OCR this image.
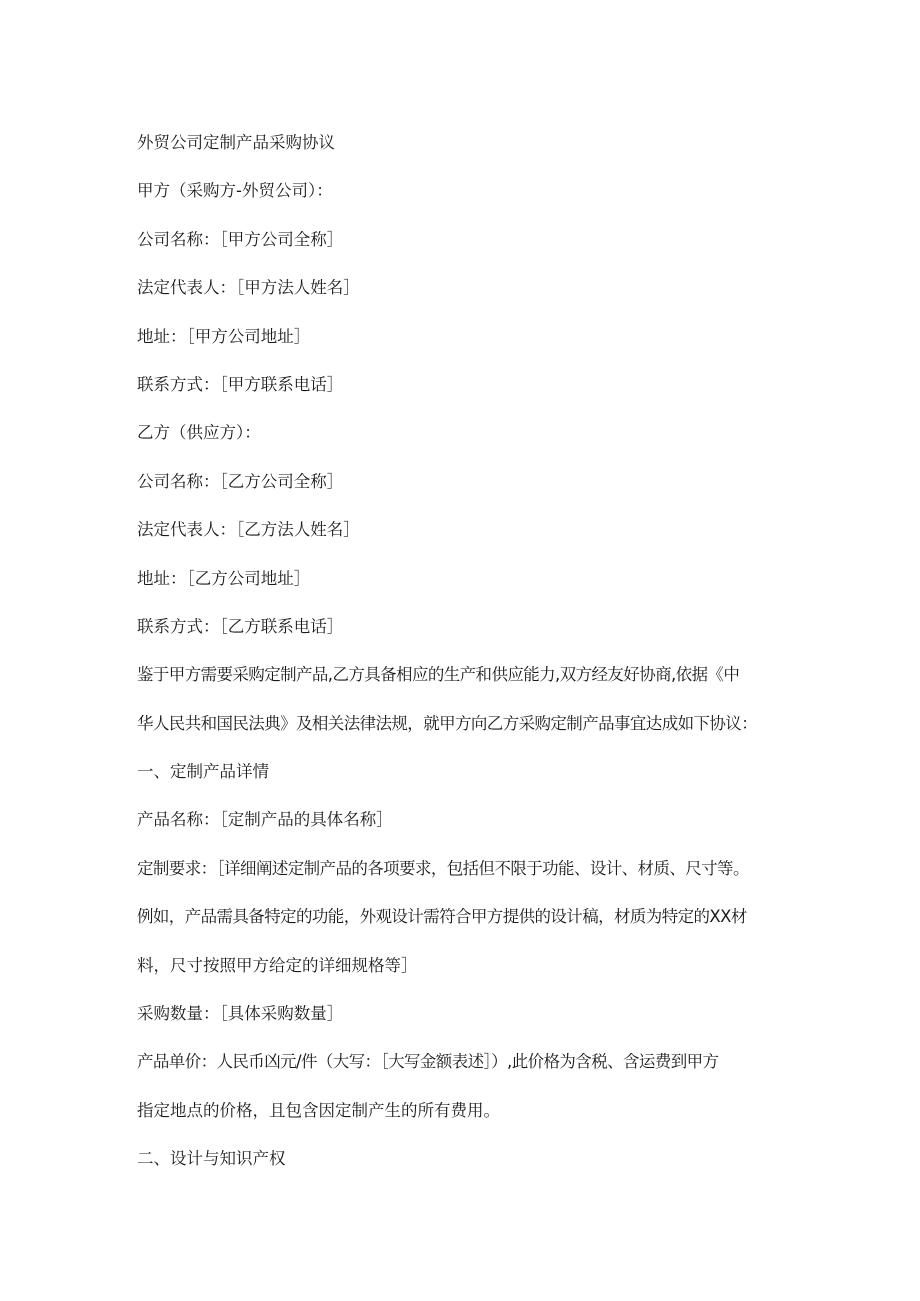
外贸公司定制产品采购协议
甲方（采购方-外贸公司）：
公司名称：［甲方公司全称］
法定代表人：［甲方法人姓名］
地址：［甲方公司地址］
联系方式：［甲方联系电话］
乙方（供应方）：
公司名称：［乙方公司全称］
法定代表人：［乙方法人姓名］
地址：［乙方公司地址］
联系方式：［乙方联系电话］
鉴于甲方需要采购定制产品,乙方具备相应的生产和供应能力,双方经友好协商,依据《中
华人民共和国民法典》及相关法律法规，就甲方向乙方采购定制产品事宜达成如下协议：
一、定制产品详情
产品名称：［定制产品的具体名称］
定制要求：［详细阐述定制产品的各项要求，包括但不限于功能、设计、材质、尺寸等。
例如，产品需具备特定的功能，外观设计需符合甲方提供的设计稿，材质为特定的XX材
料，尺寸按照甲方给定的详细规格等］
采购数量：［具体采购数量］
产品单价：人民币凶元/件（大写：［大写金额表述］）,此价格为含税、含运费到甲方
指定地点的价格，且包含因定制产生的所有费用。
二、设计与知识产权
